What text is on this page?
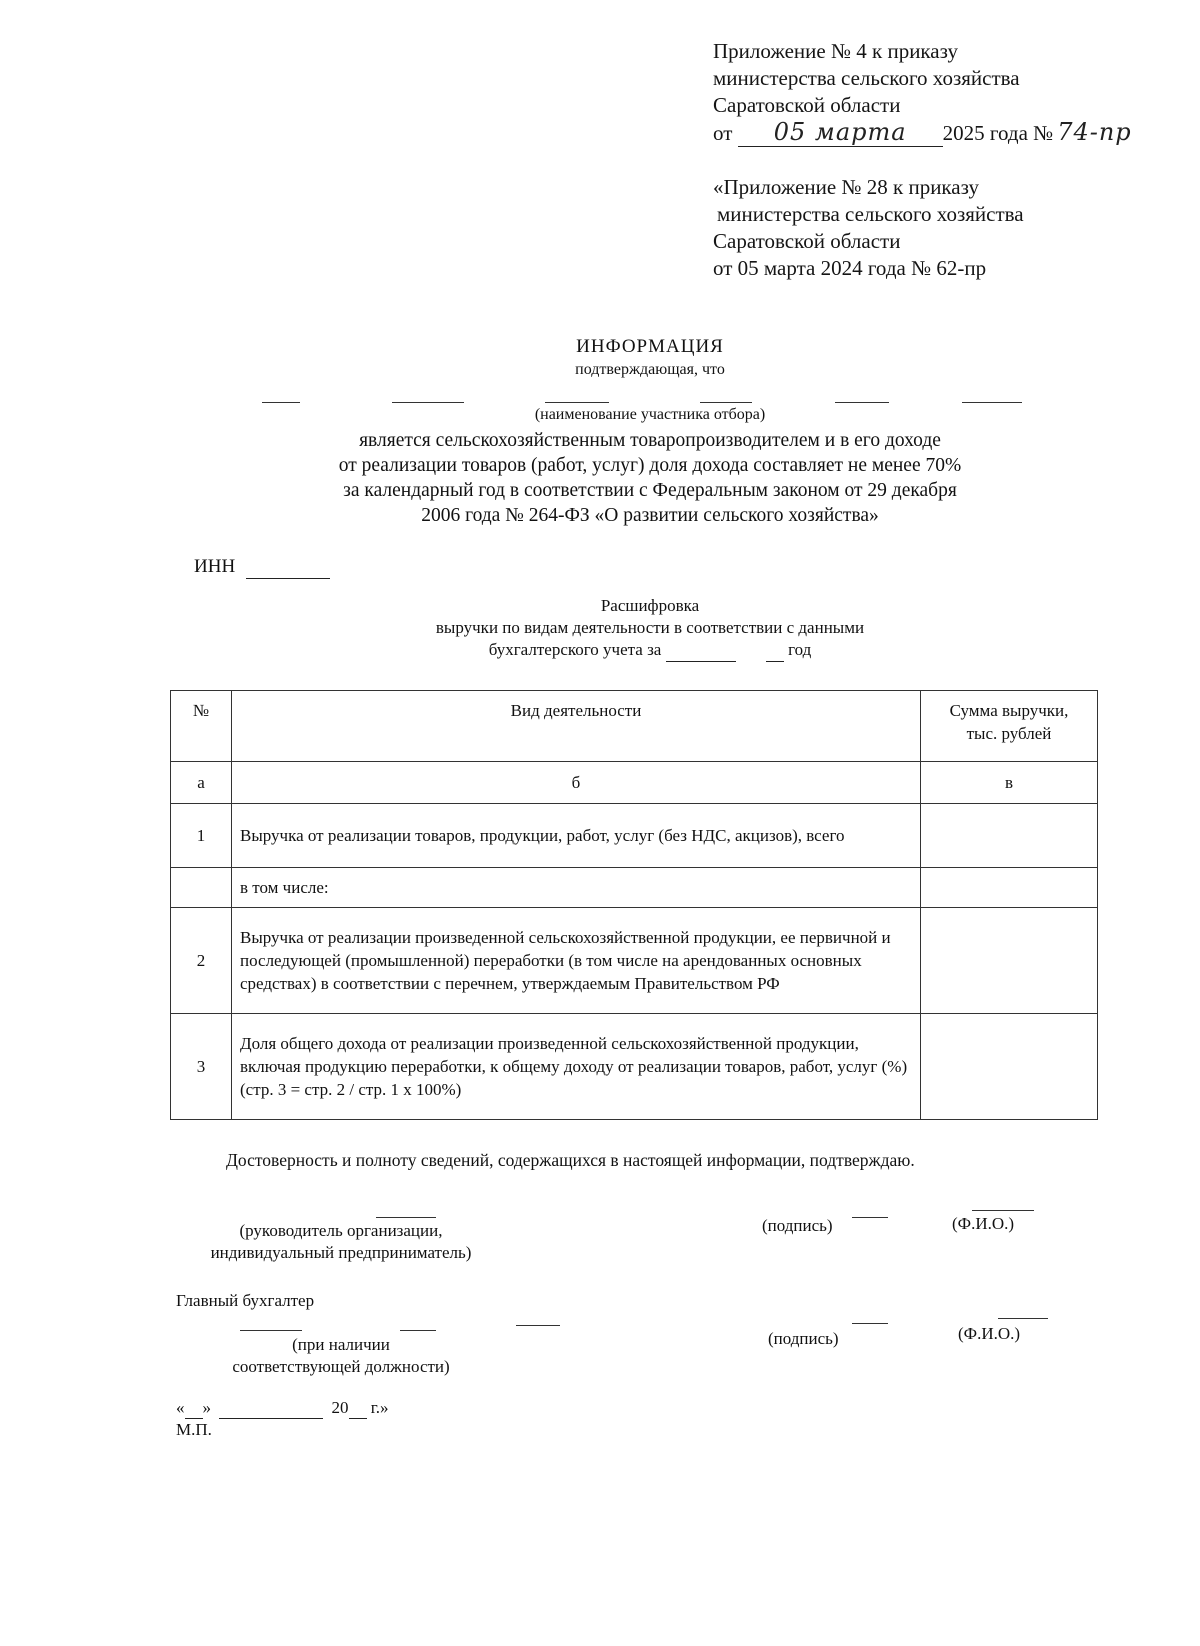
Приложение № 4 к приказу
министерства сельского хозяйства
Саратовской области
от 05 марта 2025 года № 74-пр
«Приложение № 28 к приказу
министерства сельского хозяйства
Саратовской области
от 05 марта 2024 года № 62-пр
ИНФОРМАЦИЯ
подтверждающая, что
(наименование участника отбора)
является сельскохозяйственным товаропроизводителем и в его доходе
от реализации товаров (работ, услуг) доля дохода составляет не менее 70%
за календарный год в соответствии с Федеральным законом от 29 декабря
2006 года № 264-ФЗ «О развитии сельского хозяйства»
ИНН
Расшифровка
выручки по видам деятельности в соответствии с данными
бухгалтерского учета за	год
№	Вид деятельности	Сумма выручки,
тыс. рублей

а	б	в
1	Выручка от реализации товаров, продукции, работ, услуг (без НДС, акцизов), всего	
	в том числе:	
2	Выручка от реализации произведенной сельскохозяйственной продукции, ее первичной и последующей (промышленной) переработки (в том числе на арендованных основных средствах) в соответствии с перечнем, утверждаемым Правительством РФ	
3	Доля общего дохода от реализации произведенной сельскохозяйственной продукции, включая продукцию переработки, к общему доходу от реализации товаров, работ, услуг (%)
(стр. 3 = стр. 2 / стр. 1 х 100%)	

Достоверность и полноту сведений, содержащихся в настоящей информации, подтверждаю.
(руководитель организации,
индивидуальный предприниматель)
(подпись)	(Ф.И.О.)
Главный бухгалтер
(при наличии
соответствующей должности)
(подпись)	(Ф.И.О.)
« »	20 г.»
М.П.
